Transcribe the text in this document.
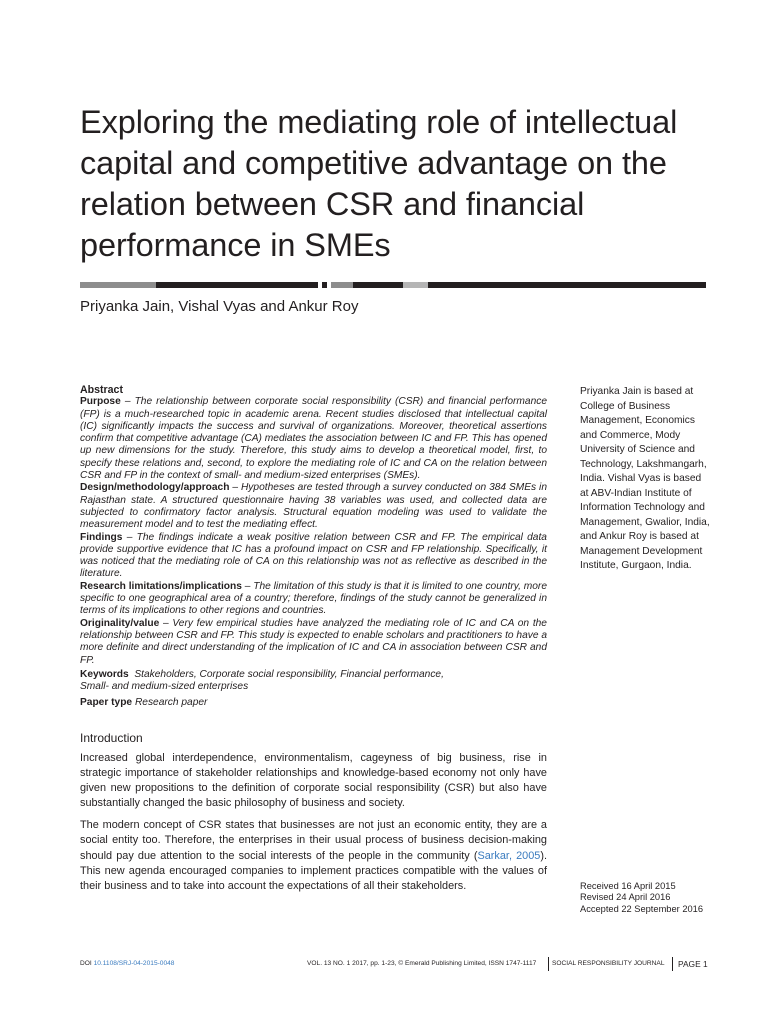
Exploring the mediating role of intellectual capital and competitive advantage on the relation between CSR and financial performance in SMEs
Priyanka Jain, Vishal Vyas and Ankur Roy

Abstract

Purpose – The relationship between corporate social responsibility (CSR) and financial performance (FP) is a much-researched topic in academic arena. Recent studies disclosed that intellectual capital (IC) significantly impacts the success and survival of organizations. Moreover, theoretical assertions confirm that competitive advantage (CA) mediates the association between IC and FP. This has opened up new dimensions for the study. Therefore, this study aims to develop a theoretical model, first, to specify these relations and, second, to explore the mediating role of IC and CA on the relation between CSR and FP in the context of small- and medium-sized enterprises (SMEs).

Design/methodology/approach – Hypotheses are tested through a survey conducted on 384 SMEs in Rajasthan state. A structured questionnaire having 38 variables was used, and collected data are subjected to confirmatory factor analysis. Structural equation modeling was used to validate the measurement model and to test the mediating effect.

Findings – The findings indicate a weak positive relation between CSR and FP. The empirical data provide supportive evidence that IC has a profound impact on CSR and FP relationship. Specifically, it was noticed that the mediating role of CA on this relationship was not as reflective as described in the literature.

Research limitations/implications – The limitation of this study is that it is limited to one country, more specific to one geographical area of a country; therefore, findings of the study cannot be generalized in terms of its implications to other regions and countries.

Originality/value – Very few empirical studies have analyzed the mediating role of IC and CA on the relationship between CSR and FP. This study is expected to enable scholars and practitioners to have a more definite and direct understanding of the implication of IC and CA in association between CSR and FP.

Keywords Stakeholders, Corporate social responsibility, Financial performance,
Small- and medium-sized enterprises

Paper type Research paper

Priyanka Jain is based at College of Business Management, Economics and Commerce, Mody University of Science and Technology, Lakshmangarh, India. Vishal Vyas is based at ABV-Indian Institute of Information Technology and Management, Gwalior, India, and Ankur Roy is based at Management Development Institute, Gurgaon, India.
Introduction

Increased global interdependence, environmentalism, cageyness of big business, rise in strategic importance of stakeholder relationships and knowledge-based economy not only have given new propositions to the definition of corporate social responsibility (CSR) but also have substantially changed the basic philosophy of business and society.

The modern concept of CSR states that businesses are not just an economic entity, they are a social entity too. Therefore, the enterprises in their usual process of business decision-making should pay due attention to the social interests of the people in the community (Sarkar, 2005). This new agenda encouraged companies to implement practices compatible with the values of their business and to take into account the expectations of all their stakeholders.	Received 16 April 2015
Revised 24 April 2016
Accepted 22 September 2016
DOI 10.1108/SRJ-04-2015-0048	VOL. 13 NO. 1 2017, pp. 1-23, © Emerald Publishing Limited, ISSN 1747-1117 SOCIAL RESPONSIBILITY JOURNAL PAGE 1
